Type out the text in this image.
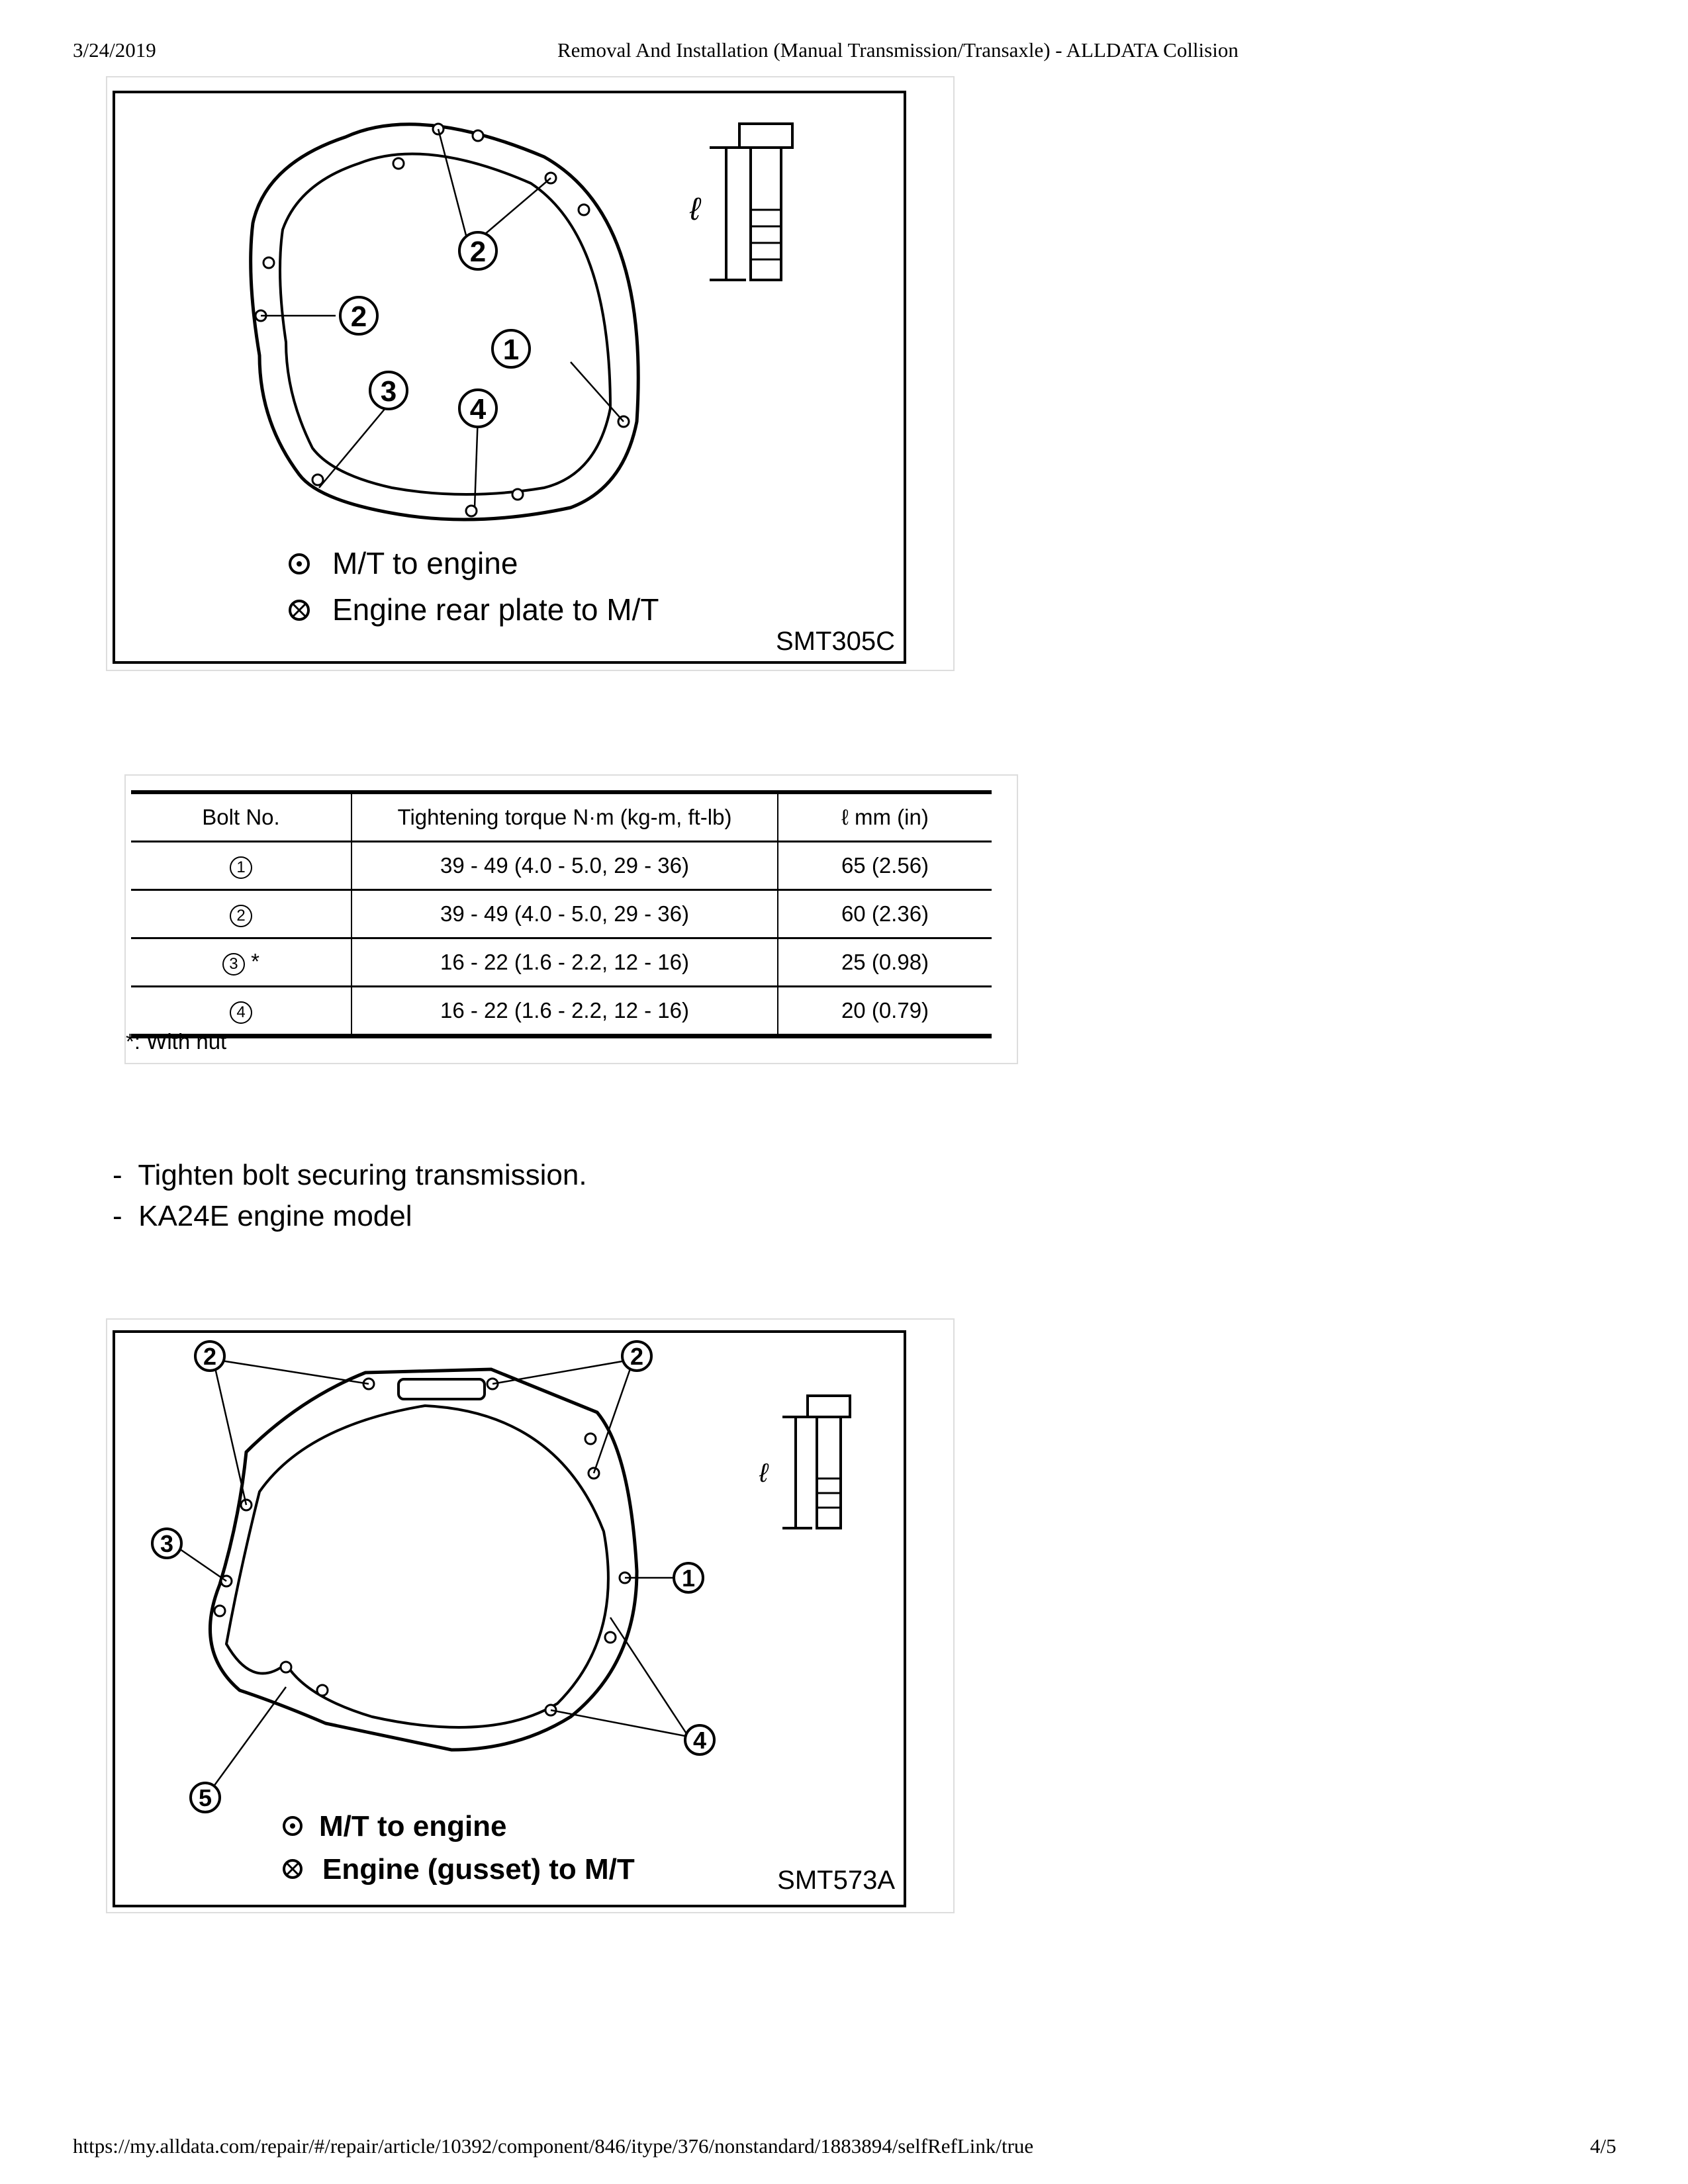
3/24/2019	Removal And Installation (Manual Transmission/Transaxle) - ALLDATA Collision
2
2
3
4
1
ℓ
M/T to engine
Engine rear plate to M/T
SMT305C
Bolt No.	Tightening torque N·m (kg-m, ft-lb)	ℓ mm (in)
1	39 - 49 (4.0 - 5.0, 29 - 36)	65 (2.56)
2	39 - 49 (4.0 - 5.0, 29 - 36)	60 (2.36)
3 *	16 - 22 (1.6 - 2.2, 12 - 16)	25 (0.98)
4	16 - 22 (1.6 - 2.2, 12 - 16)	20 (0.79)
*: With nut
- Tighten bolt securing transmission.
- KA24E engine model
2	2
3
1
4
5
ℓ
M/T to engine
Engine (gusset) to M/T	SMT573A
https://my.alldata.com/repair/#/repair/article/10392/component/846/itype/376/nonstandard/1883894/selfRefLink/true	4/5
